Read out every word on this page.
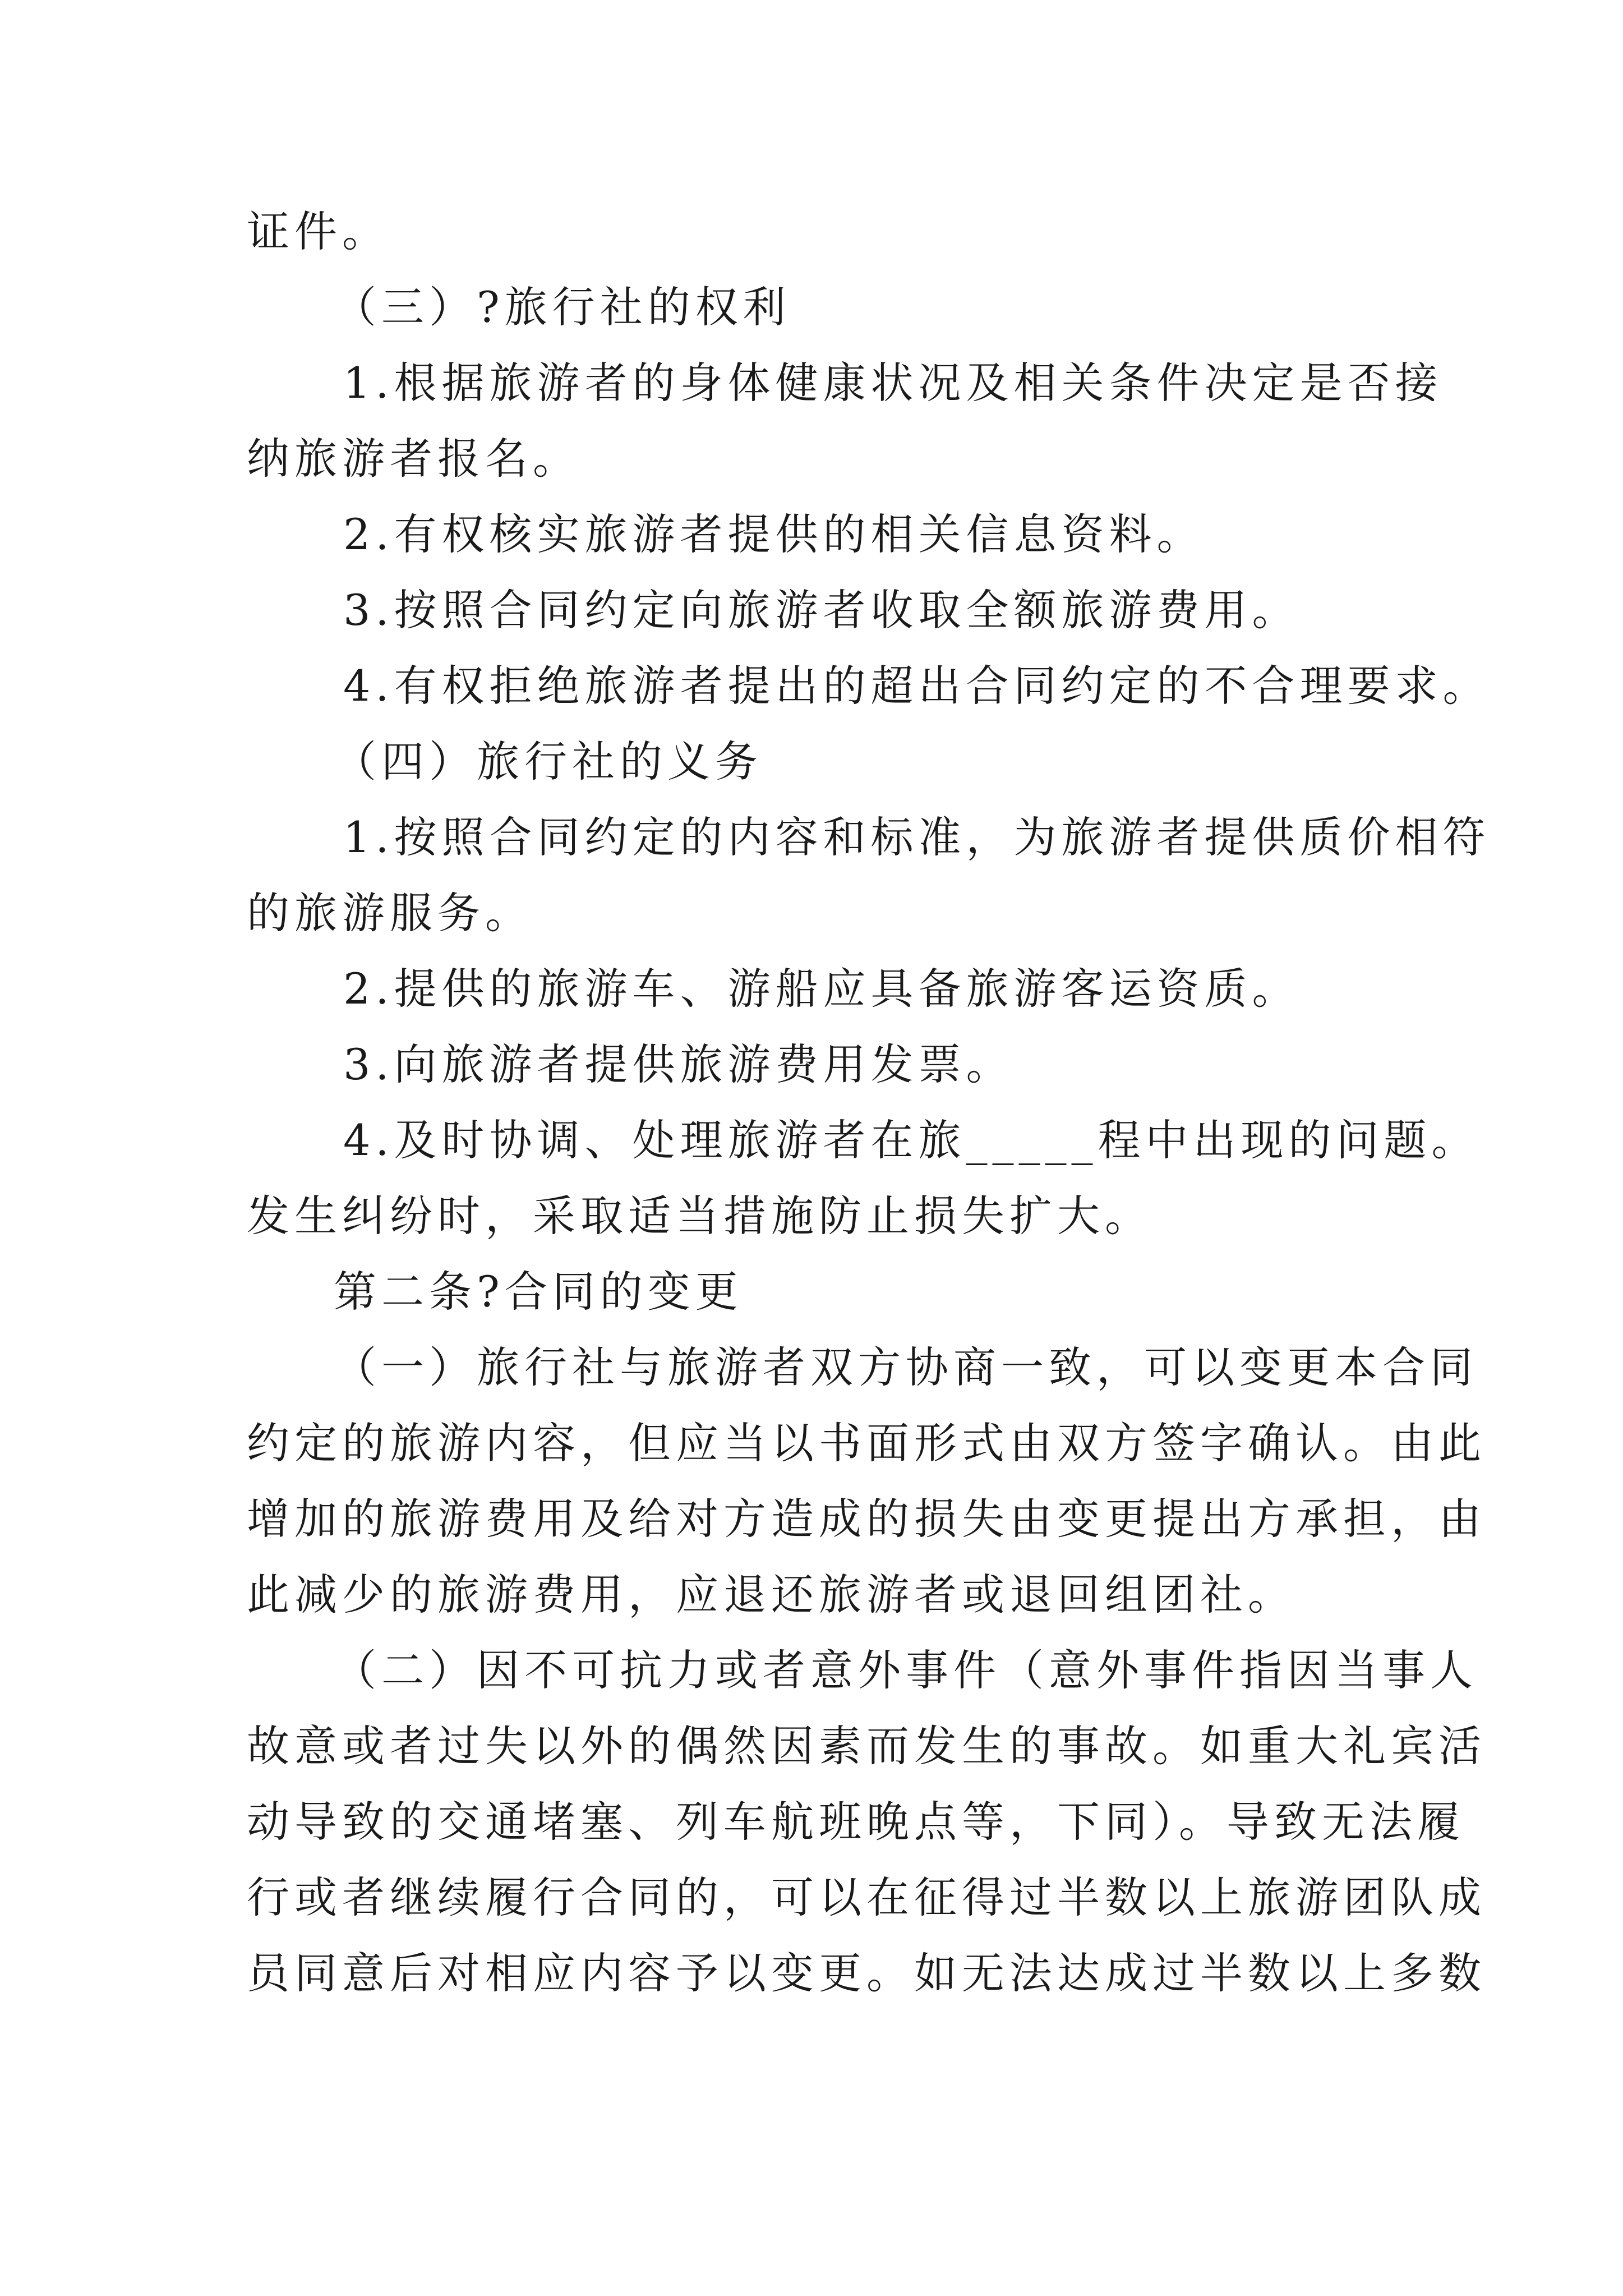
证件。
（三）?旅行社的权利
1.根据旅游者的身体健康状况及相关条件决定是否接
纳旅游者报名。
2.有权核实旅游者提供的相关信息资料。
3.按照合同约定向旅游者收取全额旅游费用。
4.有权拒绝旅游者提出的超出合同约定的不合理要求。
（四）旅行社的义务
1.按照合同约定的内容和标准，为旅游者提供质价相符
的旅游服务。
2.提供的旅游车、游船应具备旅游客运资质。
3.向旅游者提供旅游费用发票。
4.及时协调、处理旅游者在旅_____程中出现的问题。
发生纠纷时，采取适当措施防止损失扩大。
第二条?合同的变更
（一）旅行社与旅游者双方协商一致，可以变更本合同
约定的旅游内容，但应当以书面形式由双方签字确认。由此
增加的旅游费用及给对方造成的损失由变更提出方承担，由
此减少的旅游费用，应退还旅游者或退回组团社。
（二）因不可抗力或者意外事件（意外事件指因当事人
故意或者过失以外的偶然因素而发生的事故。如重大礼宾活
动导致的交通堵塞、列车航班晚点等，下同）。导致无法履
行或者继续履行合同的，可以在征得过半数以上旅游团队成
员同意后对相应内容予以变更。如无法达成过半数以上多数
